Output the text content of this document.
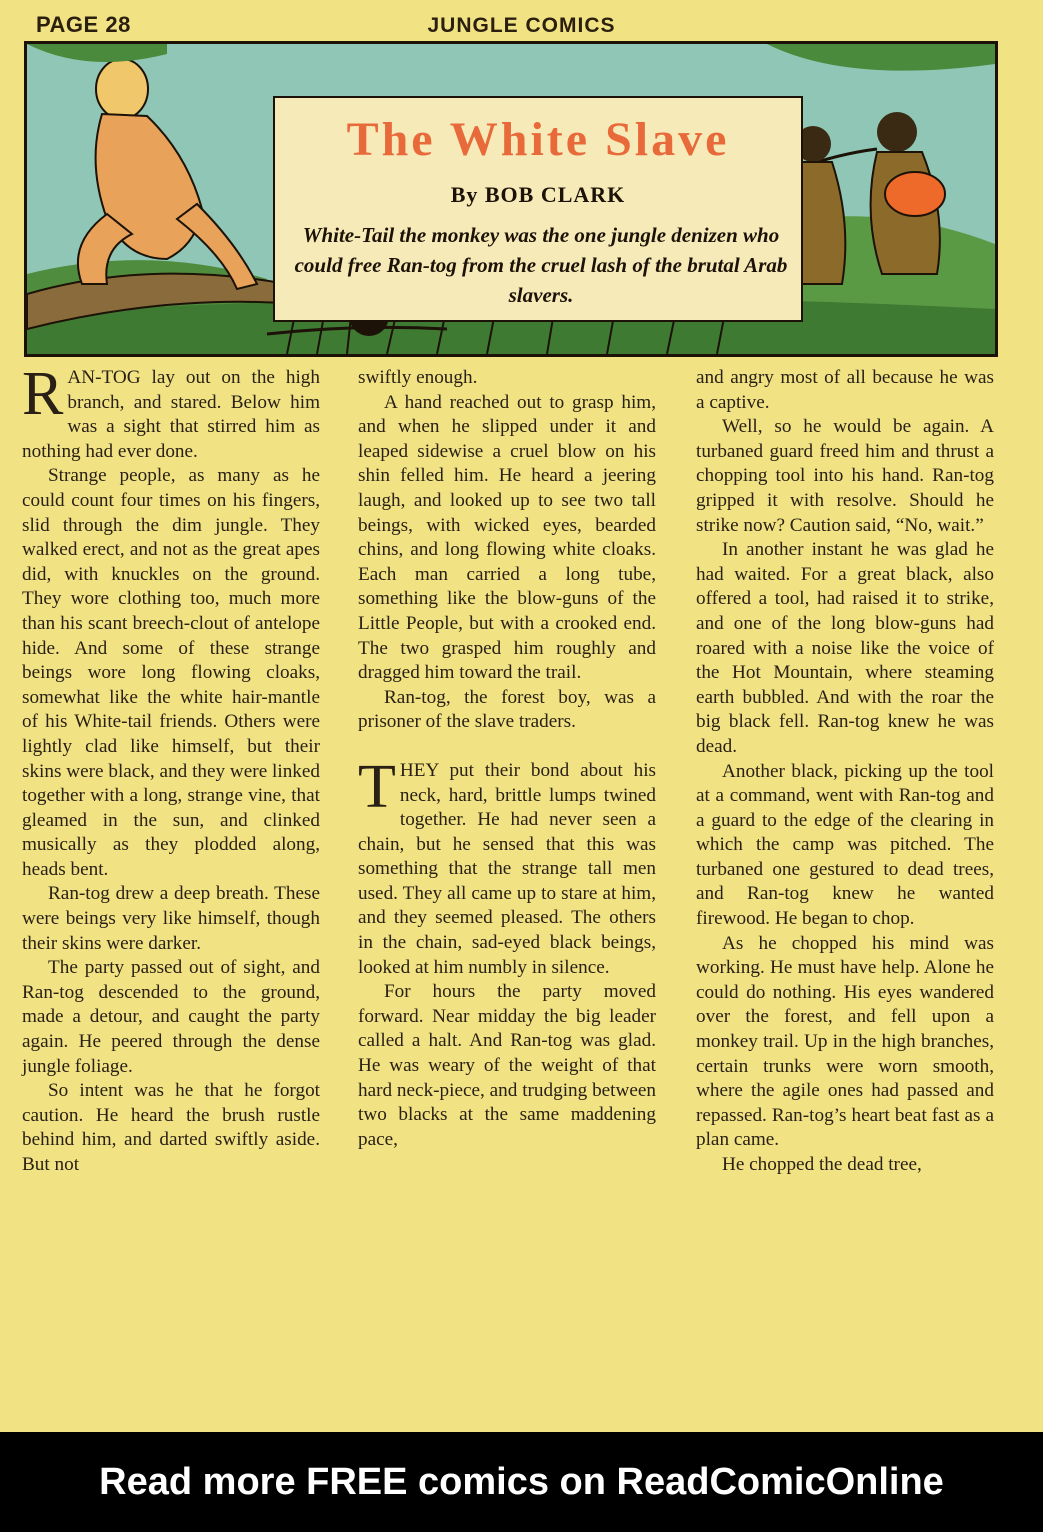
PAGE 28	JUNGLE COMICS
The White Slave
By BOB CLARK
White-Tail the monkey was the one jungle denizen who could free Ran-tog from the cruel lash of the brutal Arab slavers.

RAN-TOG lay out on the high branch, and stared. Below him was a sight that stirred him as nothing had ever done.

Strange people, as many as he could count four times on his fingers, slid through the dim jungle. They walked erect, and not as the great apes did, with knuckles on the ground. They wore clothing too, much more than his scant breech-clout of antelope hide. And some of these strange beings wore long flowing cloaks, somewhat like the white hair-mantle of his White-tail friends. Others were lightly clad like himself, but their skins were black, and they were linked together with a long, strange vine, that gleamed in the sun, and clinked musically as they plodded along, heads bent.

Ran-tog drew a deep breath. These were beings very like himself, though their skins were darker.

The party passed out of sight, and Ran-tog descended to the ground, made a detour, and caught the party again. He peered through the dense jungle foliage.

So intent was he that he forgot caution. He heard the brush rustle behind him, and darted swiftly aside. But not

swiftly enough.

A hand reached out to grasp him, and when he slipped under it and leaped sidewise a cruel blow on his shin felled him. He heard a jeering laugh, and looked up to see two tall beings, with wicked eyes, bearded chins, and long flowing white cloaks. Each man carried a long tube, something like the blow-guns of the Little People, but with a crooked end. The two grasped him roughly and dragged him toward the trail.

Ran-tog, the forest boy, was a prisoner of the slave traders.

THEY put their bond about his neck, hard, brittle lumps twined together. He had never seen a chain, but he sensed that this was something that the strange tall men used. They all came up to stare at him, and they seemed pleased. The others in the chain, sad-eyed black beings, looked at him numbly in silence.

For hours the party moved forward. Near midday the big leader called a halt. And Ran-tog was glad. He was weary of the weight of that hard neck-piece, and trudging between two blacks at the same maddening pace,

and angry most of all because he was a captive.

Well, so he would be again. A turbaned guard freed him and thrust a chopping tool into his hand. Ran-tog gripped it with resolve. Should he strike now? Caution said, “No, wait.”

In another instant he was glad he had waited. For a great black, also offered a tool, had raised it to strike, and one of the long blow-guns had roared with a noise like the voice of the Hot Mountain, where steaming earth bubbled. And with the roar the big black fell. Ran-tog knew he was dead.

Another black, picking up the tool at a command, went with Ran-tog and a guard to the edge of the clearing in which the camp was pitched. The turbaned one gestured to dead trees, and Ran-tog knew he wanted firewood. He began to chop.

As he chopped his mind was working. He must have help. Alone he could do nothing. His eyes wandered over the forest, and fell upon a monkey trail. Up in the high branches, certain trunks were worn smooth, where the agile ones had passed and repassed. Ran-tog’s heart beat fast as a plan came.

He chopped the dead tree,

Read more FREE comics on ReadComicOnline
